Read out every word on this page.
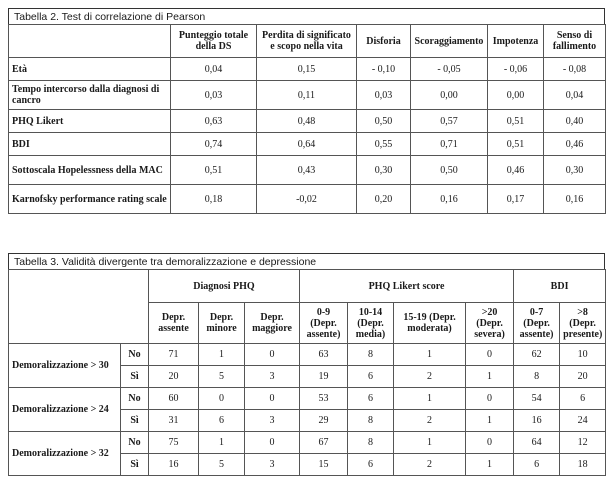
Tabella 2. Test di correlazione di Pearson
	Punteggio totale della DS	Perdita di significato e scopo nella vita	Disforia	Scoraggiamento	Impotenza	Senso di fallimento
Età	0,04	0,15	- 0,10	- 0,05	- 0,06	- 0,08
Tempo intercorso dalla diagnosi di cancro	0,03	0,11	0,03	0,00	0,00	0,04
PHQ Likert	0,63	0,48	0,50	0,57	0,51	0,40
BDI	0,74	0,64	0,55	0,71	0,51	0,46
Sottoscala Hopelessness della MAC	0,51	0,43	0,30	0,50	0,46	0,30
Karnofsky performance rating scale	0,18	-0,02	0,20	0,16	0,17	0,16
Tabella 3. Validità divergente tra demoralizzazione e depressione
		Diagnosi PHQ			PHQ Likert score				BDI	
		Depr. assente	Depr. minore	Depr. maggiore	0-9 (Depr. assente)	10-14 (Depr. media)	15-19 (Depr. moderata)	>20 (Depr. severa)	0-7 (Depr. assente)	>8 (Depr. presente)
Demoralizzazione > 30	No	71	1	0	63	8	1	0	62	10
	Sì	20	5	3	19	6	2	1	8	20
Demoralizzazione > 24	No	60	0	0	53	6	1	0	54	6
	Sì	31	6	3	29	8	2	1	16	24
Demoralizzazione > 32	No	75	1	0	67	8	1	0	64	12
	Sì	16	5	3	15	6	2	1	6	18
